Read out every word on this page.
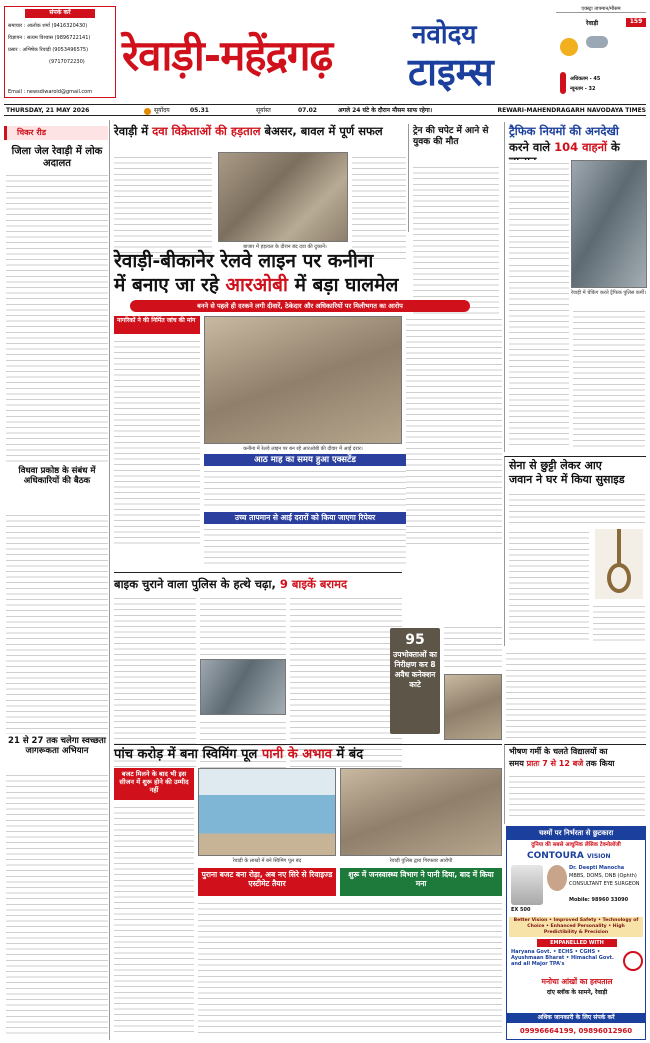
संपर्क करें
समाचार : आलोक शर्मा (9416320430)
विज्ञापन : सत्यम विश्वास (9896722141)
प्रसार : अभिषेक रिवाड़ी (9053496575)
(9717072230)
Email : newsdiwarold@gmail.com
रेवाड़ी-महेंद्रगढ़	नवोदय
टाइम्स
एक्स्ट्रा तापमान/मौसम
रेवाड़ी	159
अधिकतम - 45
न्यूनतम - 32
THURSDAY, 21 MAY 2026	सूर्योदय	05.31	सूर्यास्त	07.02	अगले 24 घंटे के दौरान मौसम साफ रहेगा।	REWARI-MAHENDRAGARH NAVODAYA TIMES
चिकर रीड
जिला जेल रेवाड़ी में लोक अदालत
विधवा प्रकोष्ठ के संबंध में अधिकारियों की बैठक
21 से 27 तक चलेगा स्वच्छता जागरूकता अभियान
रेवाड़ी में दवा विक्रेताओं की हड़ताल बेअसर, बावल में पूर्ण सफल
बाजार में हड़ताल के दौरान बंद दवा की दुकानें।
ट्रेन की चपेट में आने से युवक की मौत
ट्रैफिक नियमों की अनदेखी
करने वाले 104 वाहनों के
रेवाड़ी में चेकिंग करते ट्रैफिक पुलिस कर्मी।
रेवाड़ी-बीकानेर रेलवे लाइन पर कनीना
में बनाए जा रहे आरओबी में बड़ा घालमेल
बनने से पहले ही दरकने लगी दीवारें, ठेकेदार और अधिकारियों पर मिलीभगत का आरोप
नागरिकों ने की निर्मित जांच की मांग
कनीना में रेलवे लाइन पर बन रहे आरओबी की दीवार में आई दरार।
आठ माह का समय हुआ एक्सटेंड
उच्च तापमान से आई दरारों को किया जाएगा रिपेयर
सेना से छुट्टी लेकर आए
जवान ने घर में किया सुसाइड
बाइक चुराने वाला पुलिस के हत्थे चढ़ा, 9 बाइकें बरामद
95
उपभोक्ताओं का निरीक्षण कर 8 अवैध कनेक्शन काटे
पांच करोड़ में बना स्विमिंग पूल पानी के अभाव में बंद
बजट मिलने के बाद भी इस सीजन में शुरू होने की उम्मीद नहीं
रेवाड़ी के लाखों में बने स्विमिंग पूल बंद	रेवाड़ी पुलिस द्वारा गिरफ्तार आरोपी
पुराना बजट बना रोड़ा, अब नए सिरे से रिवाइज्ड एस्टीमेट तैयार
शुरू में जनस्वास्थ्य विभाग ने पानी दिया, बाद में किया मना
भीषण गर्मी के चलते विद्यालयों का
समय प्रातः 7 से 12 बजे तक किया
चश्मों पर निर्भरता से छुटकारा
दुनिया की सबसे आधुनिक लेसिक टेक्नोलॉजी
CONTOURA VISION
EX 500
Dr. Deepti Manocha
MBBS, DOMS, DNB (Ophth)
CONSULTANT EYE SURGEON
Mobile: 98960 33090
Better Vision • Improved Safety • Technology of Choice • Enhanced Personality • High Predictibility & Precision
EMPANELLED WITH
Haryana Govt. • ECHS • CGHS • Ayushmaan Bharat • Himachal Govt. and all Major TPA's
मनोचा आंखों का हस्पताल
दांए ब्लॉक के सामने, रेवाड़ी
अधिक जानकारी के लिए संपर्क करें
09996664199, 09896012960
